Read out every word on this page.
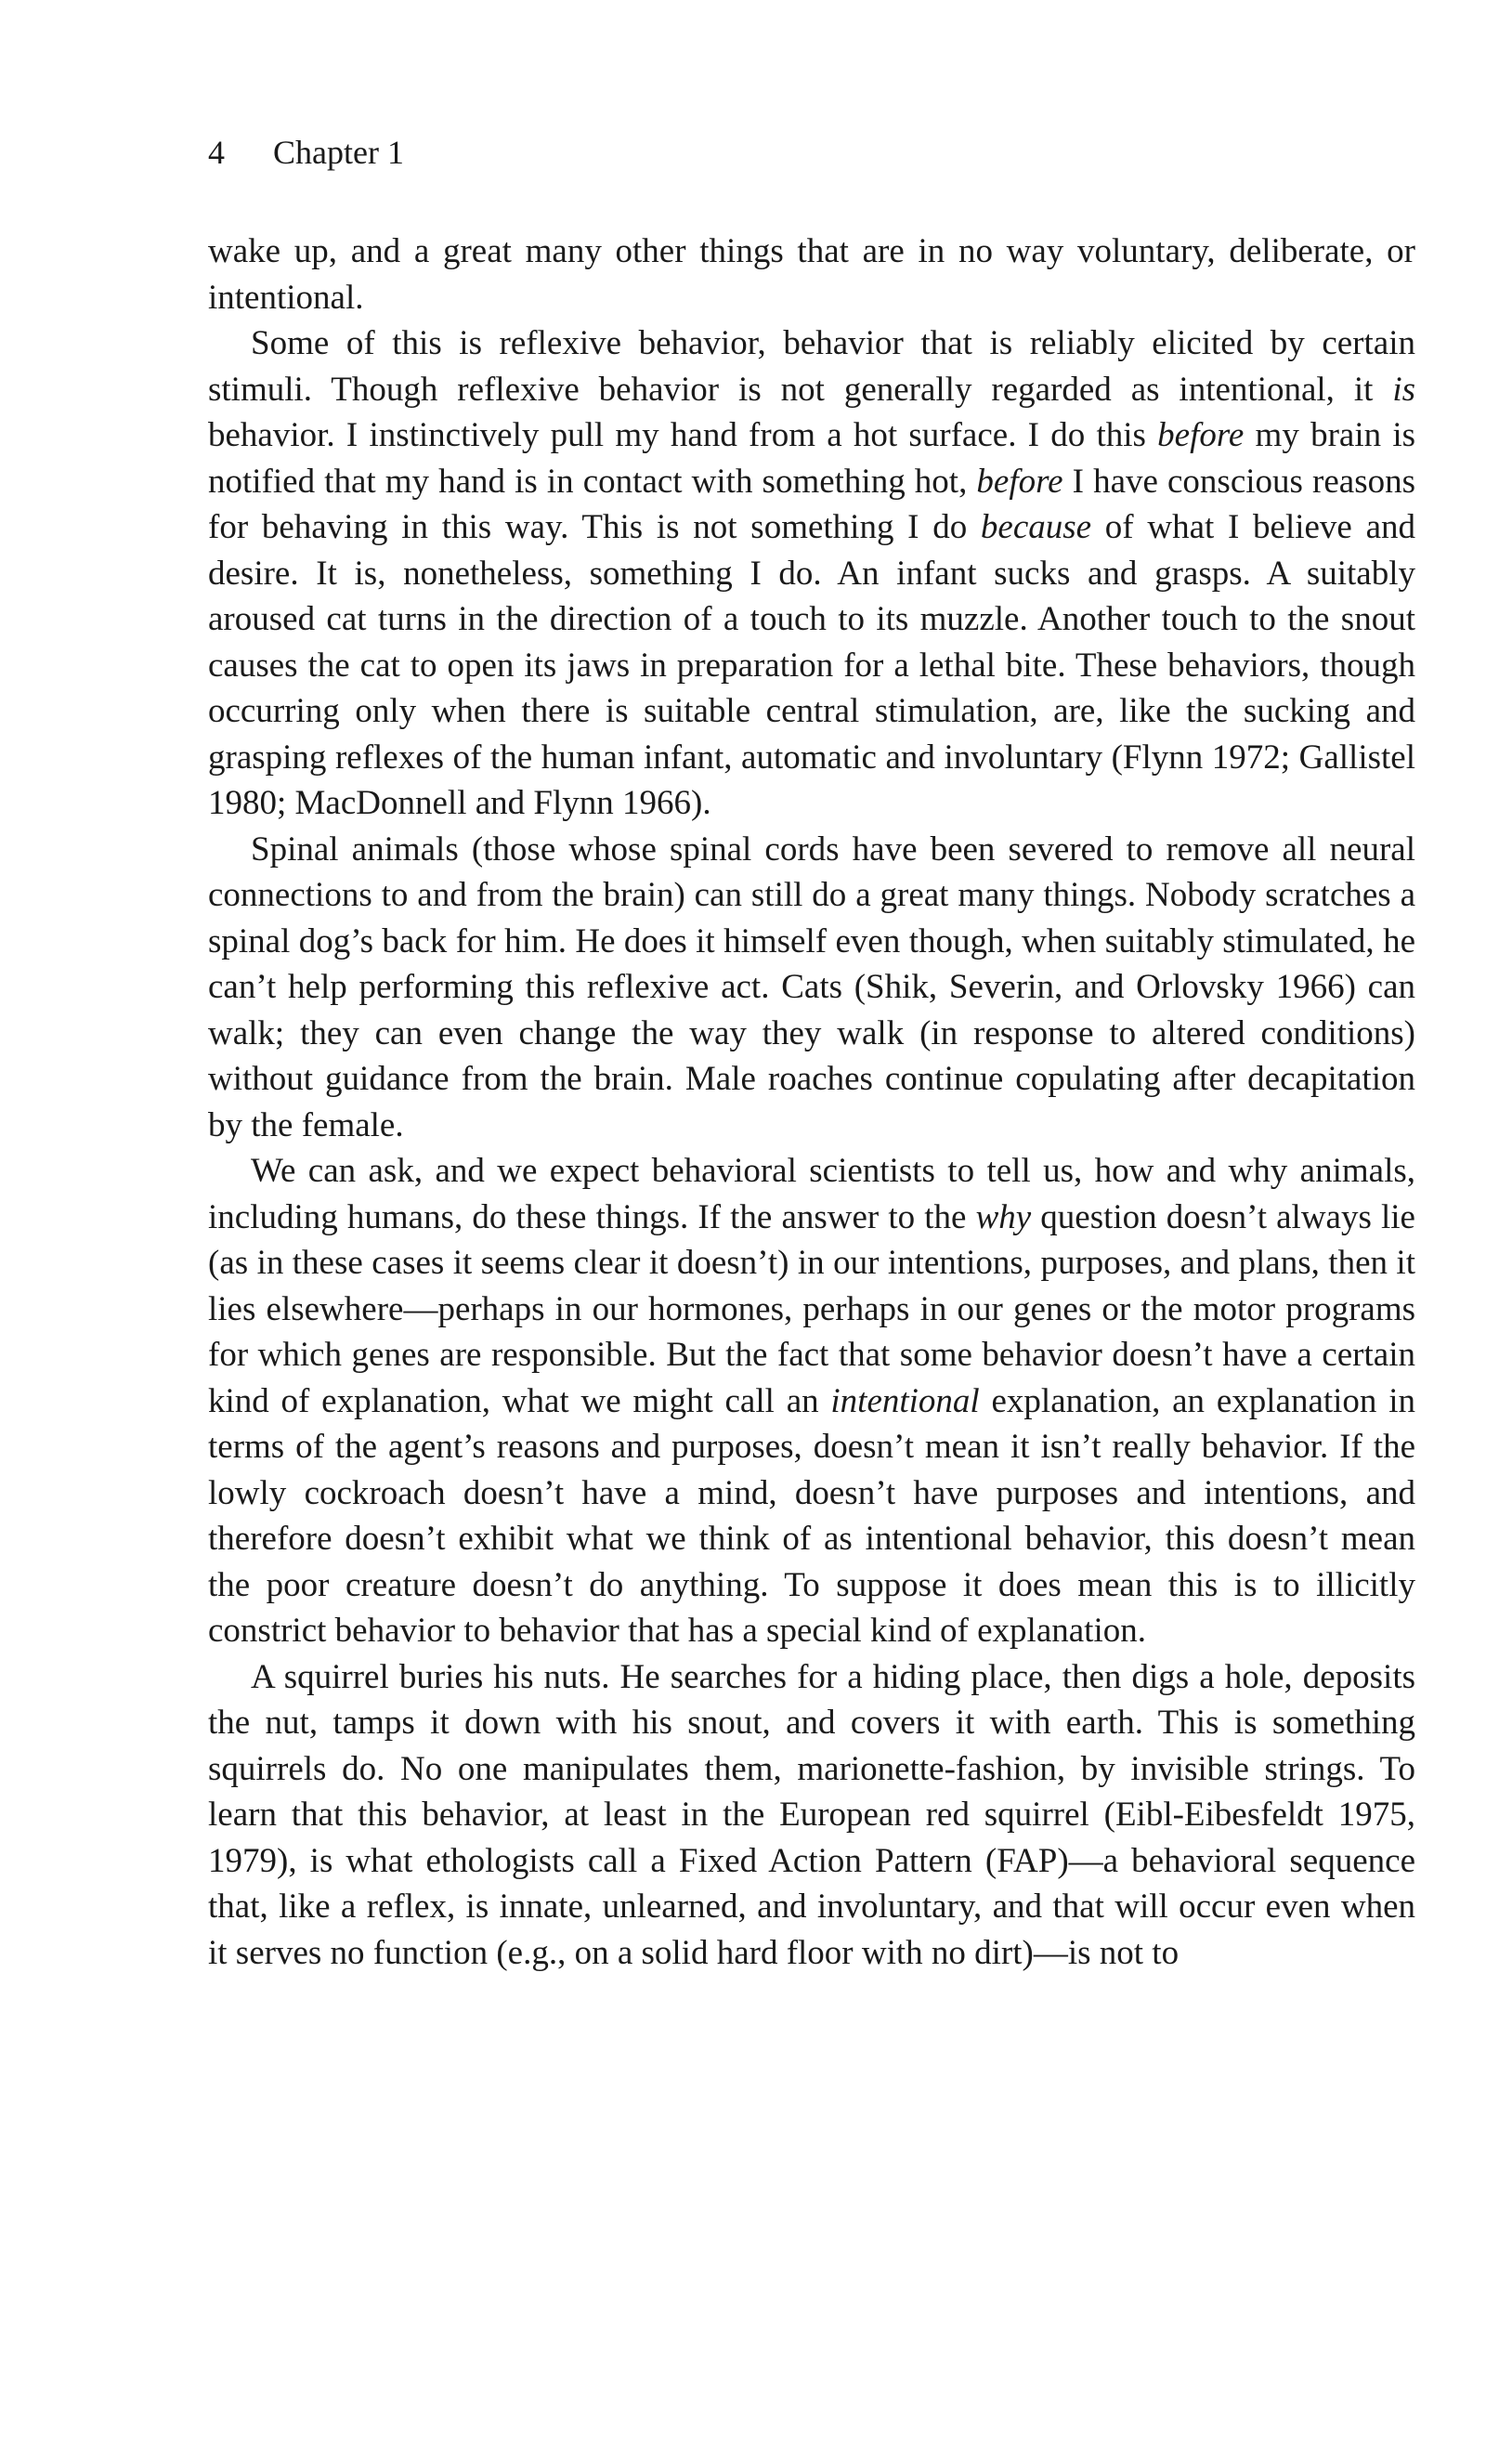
4 Chapter 1

wake up, and a great many other things that are in no way voluntary, deliberate, or intentional.

Some of this is reflexive behavior, behavior that is reliably elicited by certain stimuli. Though reflexive behavior is not generally regarded as intentional, it is behavior. I instinctively pull my hand from a hot surface. I do this before my brain is notified that my hand is in contact with something hot, before I have conscious reasons for behaving in this way. This is not something I do because of what I believe and desire. It is, nonetheless, something I do. An infant sucks and grasps. A suitably aroused cat turns in the direction of a touch to its muzzle. Another touch to the snout causes the cat to open its jaws in preparation for a lethal bite. These behaviors, though occurring only when there is suitable central stimulation, are, like the sucking and grasping reflexes of the human infant, automatic and involuntary (Flynn 1972; Gallistel 1980; MacDonnell and Flynn 1966).

Spinal animals (those whose spinal cords have been severed to remove all neural connections to and from the brain) can still do a great many things. Nobody scratches a spinal dog’s back for him. He does it himself even though, when suitably stimulated, he can’t help performing this reflexive act. Cats (Shik, Severin, and Orlovsky 1966) can walk; they can even change the way they walk (in response to altered conditions) without guidance from the brain. Male roaches continue copulating after decapitation by the female.

We can ask, and we expect behavioral scientists to tell us, how and why animals, including humans, do these things. If the answer to the why question doesn’t always lie (as in these cases it seems clear it doesn’t) in our intentions, purposes, and plans, then it lies elsewhere—perhaps in our hormones, perhaps in our genes or the motor programs for which genes are responsible. But the fact that some behavior doesn’t have a certain kind of explanation, what we might call an intentional explanation, an explanation in terms of the agent’s reasons and purposes, doesn’t mean it isn’t really behavior. If the lowly cockroach doesn’t have a mind, doesn’t have purposes and intentions, and therefore doesn’t exhibit what we think of as intentional behavior, this doesn’t mean the poor creature doesn’t do anything. To suppose it does mean this is to illicitly constrict behavior to behavior that has a special kind of explanation.

A squirrel buries his nuts. He searches for a hiding place, then digs a hole, deposits the nut, tamps it down with his snout, and covers it with earth. This is something squirrels do. No one manipulates them, marionette-fashion, by invisible strings. To learn that this behavior, at least in the European red squirrel (Eibl-Eibesfeldt 1975, 1979), is what ethologists call a Fixed Action Pattern (FAP)—a behavioral sequence that, like a reflex, is innate, unlearned, and involuntary, and that will occur even when it serves no function (e.g., on a solid hard floor with no dirt)—is not to
